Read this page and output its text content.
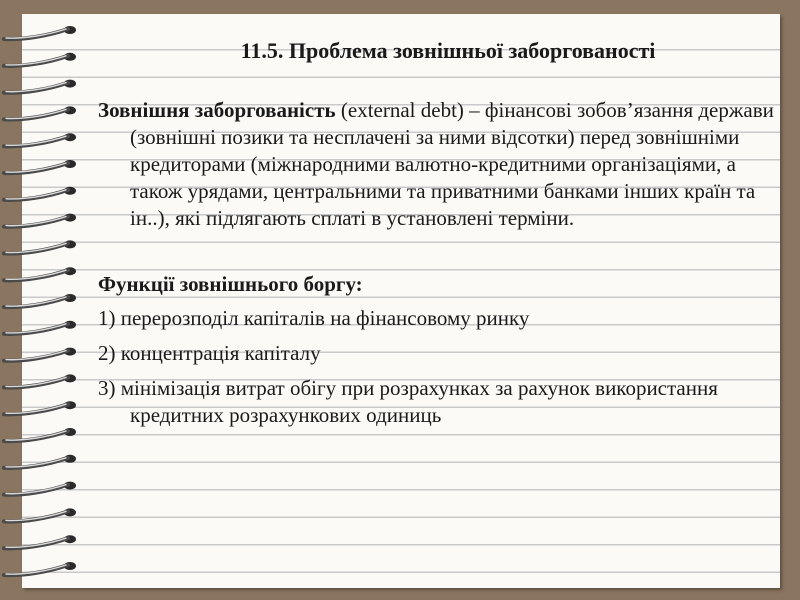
11.5. Проблема зовнішньої заборгованості

Зовнішня заборгованість (external debt) – фінансові зобов’язання держави (зовнішні позики та несплачені за ними відсотки) перед зовнішніми кредиторами (міжнародними валютно-кредитними організаціями, а також урядами, центральними та приватними банками інших країн та ін..), які підлягають сплаті в установлені терміни.

Функції зовнішнього боргу:
1) перерозподіл капіталів на фінансовому ринку
2) концентрація капіталу
3) мінімізація витрат обігу при розрахунках за рахунок використання кредитних розрахункових одиниць
